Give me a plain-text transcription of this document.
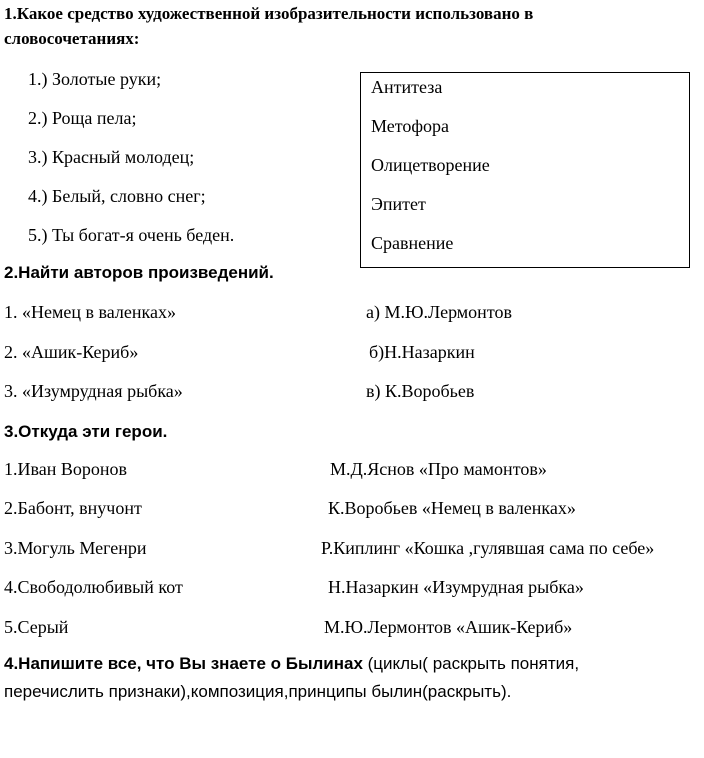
1.Какое средство художественной изобразительности использовано в
словосочетаниях:
1.) Золотые руки;
2.) Роща пела;
3.) Красный молодец;
4.) Белый, словно снег;
5.) Ты богат-я очень беден.
Антитеза
Метофора
Олицетворение
Эпитет
Сравнение
2.Найти авторов произведений.
1. «Немец в валенках»
2. «Ашик-Кериб»
3. «Изумрудная рыбка»
а) М.Ю.Лермонтов
б)Н.Назаркин
в) К.Воробьев
3.Откуда эти герои.
1.Иван Воронов
2.Бабонт, внучонт
3.Могуль Мегенри
4.Свободолюбивый кот
5.Серый
М.Д.Яснов «Про мамонтов»
К.Воробьев «Немец в валенках»
Р.Киплинг «Кошка ,гулявшая сама по себе»
Н.Назаркин «Изумрудная рыбка»
М.Ю.Лермонтов «Ашик-Кериб»
4.Напишите все, что Вы знаете о Былинах (циклы( раскрыть понятия,
перечислить признаки),композиция,принципы былин(раскрыть).
